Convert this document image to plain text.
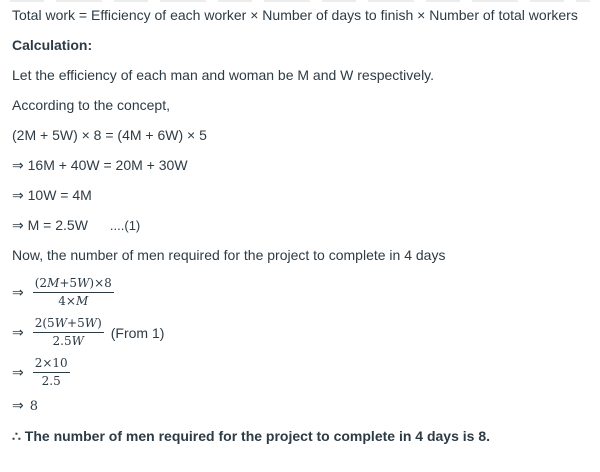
Total work = Efficiency of each worker × Number of days to finish × Number of total workers

Calculation:

Let the efficiency of each man and woman be M and W respectively.

According to the concept,

(2M + 5W) × 8 = (4M + 6W) × 5

⇒ 16M + 40W = 20M + 30W

⇒ 10W = 4M

⇒ M = 2.5W ....(1)

Now, the number of men required for the project to complete in 4 days

⇒ $\frac{(2M+5W)\times 8}{4\times M}$
⇒ $\frac{2(5W+5W)}{2.5W}$ (From 1)
⇒ $\frac{2\times 10}{2.5}$

⇒ 8

∴ The number of men required for the project to complete in 4 days is 8.
